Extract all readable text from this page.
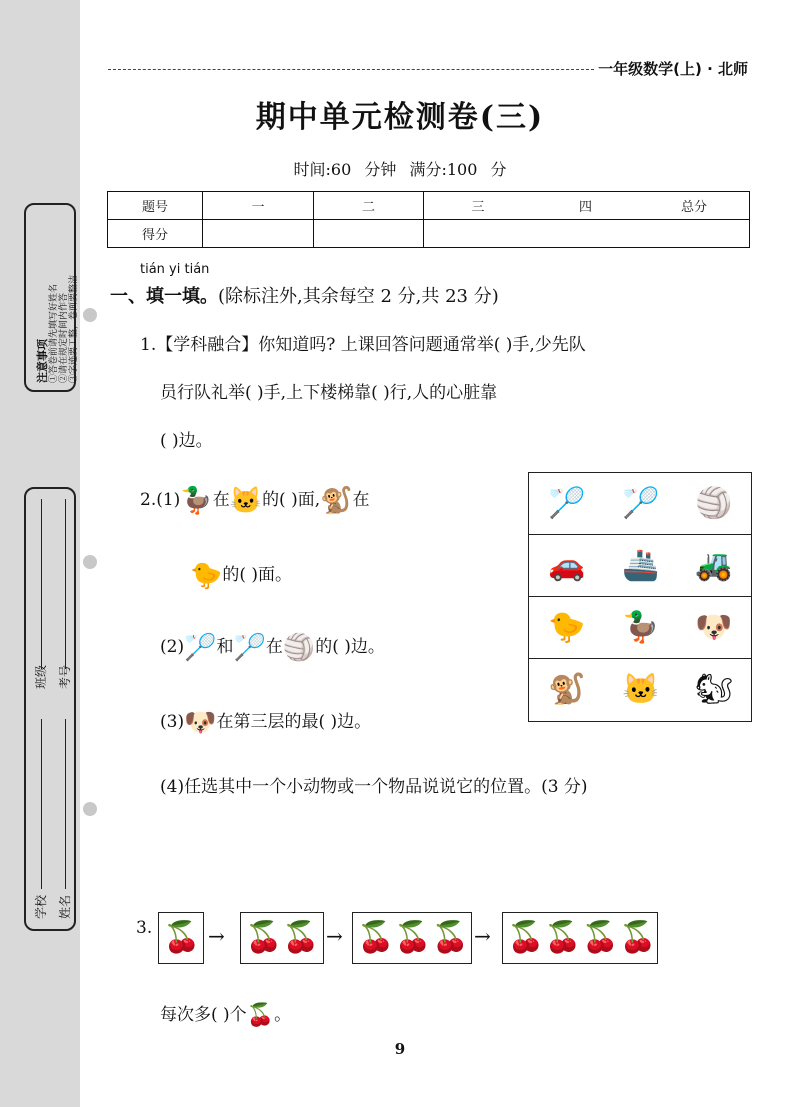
注意事项 ①答卷前请先填写好姓名 ②请在规定时间内作答 ③字迹要工整，卷面要整洁
班级 考号
学校 姓名
一年级数学(上) · 北师
期中单元检测卷(三)
时间:60 分钟 满分:100 分
题号	一	二	三	四	总分
得分					
tián yi tián
一、填一填。(除标注外,其余每空 2 分,共 23 分)
1.【学科融合】你知道吗? 上课回答问题通常举( )手,少先队
员行队礼举( )手,上下楼梯靠( )行,人的心脏靠
( )边。
2.(1)🦆在🐱的( )面,🐒在
🐤的( )面。
(2)🏸和🏸在🏐的( )边。
(3)🐶在第三层的最( )边。
(4)任选其中一个小动物或一个物品说说它的位置。(3 分)
🏸	🏸	🏐
🚗	🚢	🚜
🐤	🦆	🐶
🐒	🐱	🐿
3. 🍒 → 🍒 🍒 → 🍒 🍒 🍒 → 🍒 🍒 🍒 🍒
每次多( )个🍒。
9
